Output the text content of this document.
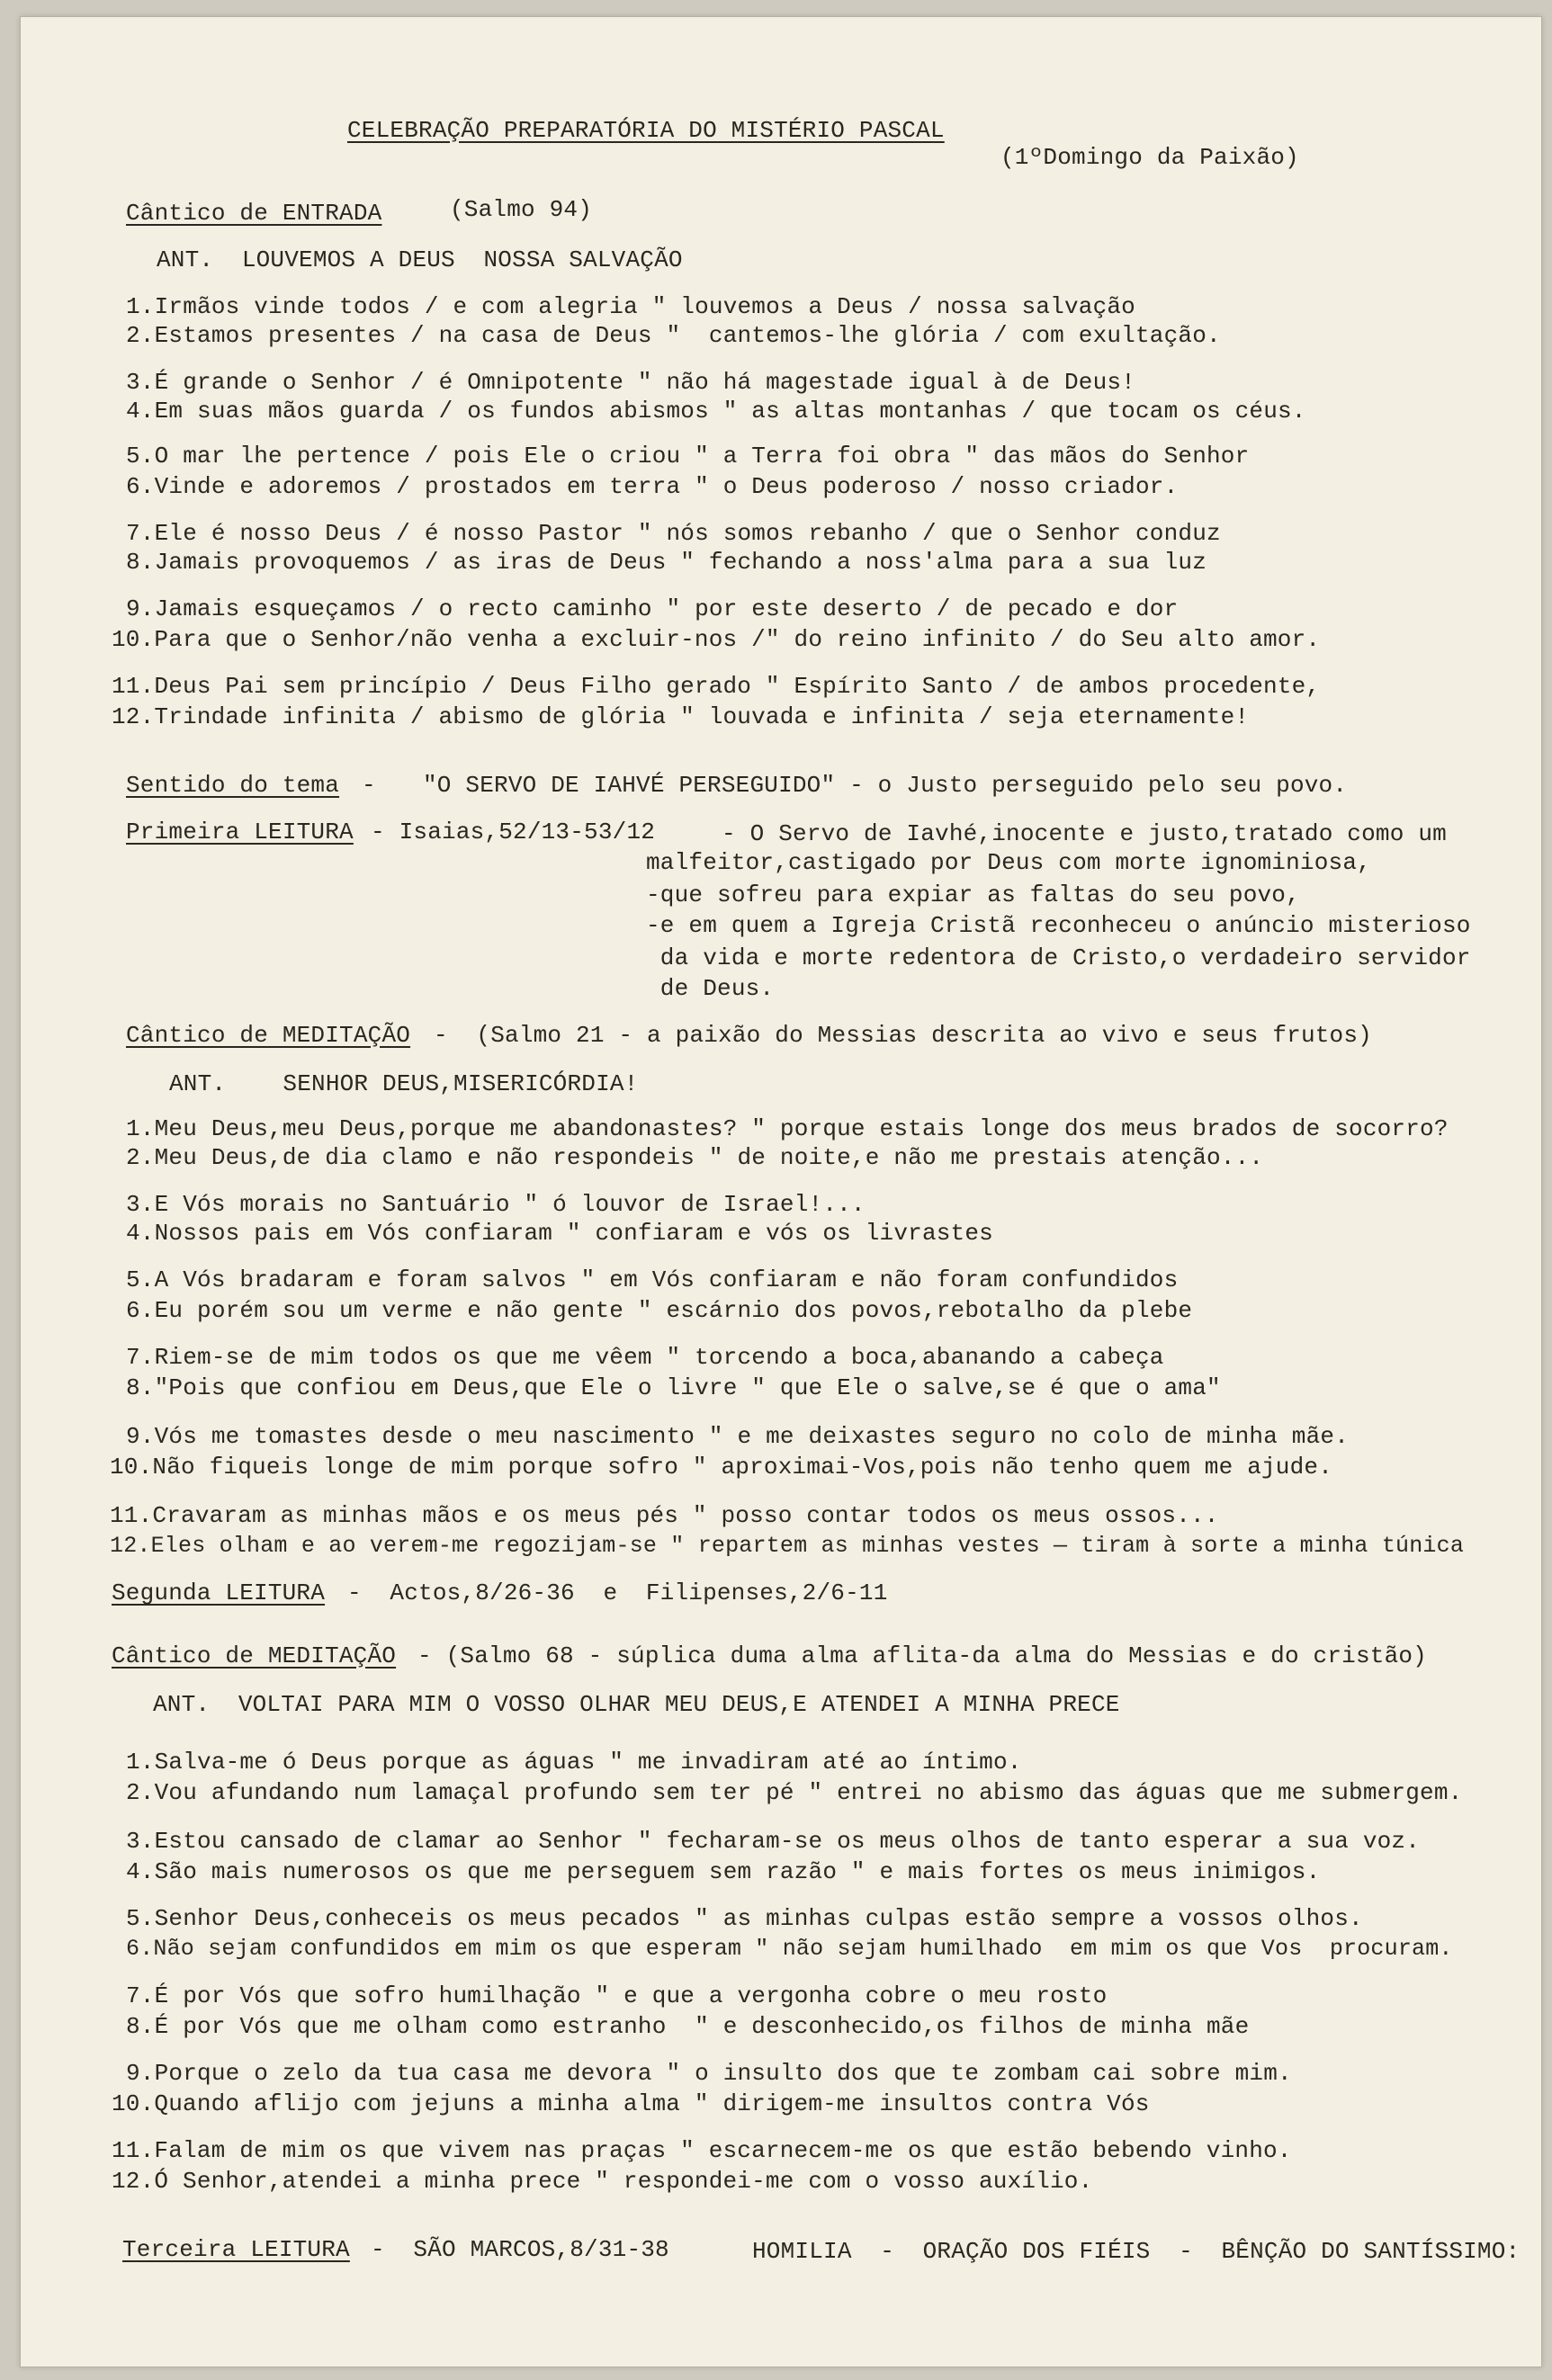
CELEBRAÇÃO PREPARATÓRIA DO MISTÉRIO PASCAL
(1ºDomingo da Paixão)
Cântico de ENTRADA	(Salmo 94)
ANT.  LOUVEMOS A DEUS  NOSSA SALVAÇÃO
1.Irmãos vinde todos / e com alegria " louvemos a Deus / nossa salvação
2.Estamos presentes / na casa de Deus "  cantemos-lhe glória / com exultação.
3.É grande o Senhor / é Omnipotente " não há magestade igual à de Deus!
4.Em suas mãos guarda / os fundos abismos " as altas montanhas / que tocam os céus.
5.O mar lhe pertence / pois Ele o criou " a Terra foi obra " das mãos do Senhor
6.Vinde e adoremos / prostados em terra " o Deus poderoso / nosso criador.
7.Ele é nosso Deus / é nosso Pastor " nós somos rebanho / que o Senhor conduz
8.Jamais provoquemos / as iras de Deus " fechando a noss'alma para a sua luz
9.Jamais esqueçamos / o recto caminho " por este deserto / de pecado e dor
10.Para que o Senhor/não venha a excluir-nos /" do reino infinito / do Seu alto amor.
11.Deus Pai sem princípio / Deus Filho gerado " Espírito Santo / de ambos procedente,
12.Trindade infinita / abismo de glória " louvada e infinita / seja eternamente!
Sentido do tema - "O SERVO DE IAHVÉ PERSEGUIDO" - o Justo perseguido pelo seu povo.
Primeira LEITURA - Isaias,52/13-53/12	- O Servo de Iavhé,inocente e justo,tratado como um
malfeitor,castigado por Deus com morte ignominiosa,
-que sofreu para expiar as faltas do seu povo,
-e em quem a Igreja Cristã reconheceu o anúncio misterioso
da vida e morte redentora de Cristo,o verdadeiro servidor
de Deus.
Cântico de MEDITAÇÃO -  (Salmo 21 - a paixão do Messias descrita ao vivo e seus frutos)
ANT.    SENHOR DEUS,MISERICÓRDIA!
1.Meu Deus,meu Deus,porque me abandonastes? " porque estais longe dos meus brados de socorro?
2.Meu Deus,de dia clamo e não respondeis " de noite,e não me prestais atenção...
3.E Vós morais no Santuário " ó louvor de Israel!...
4.Nossos pais em Vós confiaram " confiaram e vós os livrastes
5.A Vós bradaram e foram salvos " em Vós confiaram e não foram confundidos
6.Eu porém sou um verme e não gente " escárnio dos povos,rebotalho da plebe
7.Riem-se de mim todos os que me vêem " torcendo a boca,abanando a cabeça
8."Pois que confiou em Deus,que Ele o livre " que Ele o salve,se é que o ama"
9.Vós me tomastes desde o meu nascimento " e me deixastes seguro no colo de minha mãe.
10.Não fiqueis longe de mim porque sofro " aproximai-Vos,pois não tenho quem me ajude.
11.Cravaram as minhas mãos e os meus pés " posso contar todos os meus ossos...
12.Eles olham e ao verem-me regozijam-se " repartem as minhas vestes — tiram à sorte a minha túnica
Segunda LEITURA -  Actos,8/26-36  e  Filipenses,2/6-11
Cântico de MEDITAÇÃO - (Salmo 68 - súplica duma alma aflita-da alma do Messias e do cristão)
ANT.  VOLTAI PARA MIM O VOSSO OLHAR MEU DEUS,E ATENDEI A MINHA PRECE
1.Salva-me ó Deus porque as águas " me invadiram até ao íntimo.
2.Vou afundando num lamaçal profundo sem ter pé " entrei no abismo das águas que me submergem.
3.Estou cansado de clamar ao Senhor " fecharam-se os meus olhos de tanto esperar a sua voz.
4.São mais numerosos os que me perseguem sem razão " e mais fortes os meus inimigos.
5.Senhor Deus,conheceis os meus pecados " as minhas culpas estão sempre a vossos olhos.
6.Não sejam confundidos em mim os que esperam " não sejam humilhado  em mim os que Vos  procuram.
7.É por Vós que sofro humilhação " e que a vergonha cobre o meu rosto
8.É por Vós que me olham como estranho  " e desconhecido,os filhos de minha mãe
9.Porque o zelo da tua casa me devora " o insulto dos que te zombam cai sobre mim.
10.Quando aflijo com jejuns a minha alma " dirigem-me insultos contra Vós
11.Falam de mim os que vivem nas praças " escarnecem-me os que estão bebendo vinho.
12.Ó Senhor,atendei a minha prece " respondei-me com o vosso auxílio.
Terceira LEITURA -  SÃO MARCOS,8/31-38	HOMILIA  -  ORAÇÃO DOS FIÉIS  -  BÊNÇÃO DO SANTÍSSIMO:
